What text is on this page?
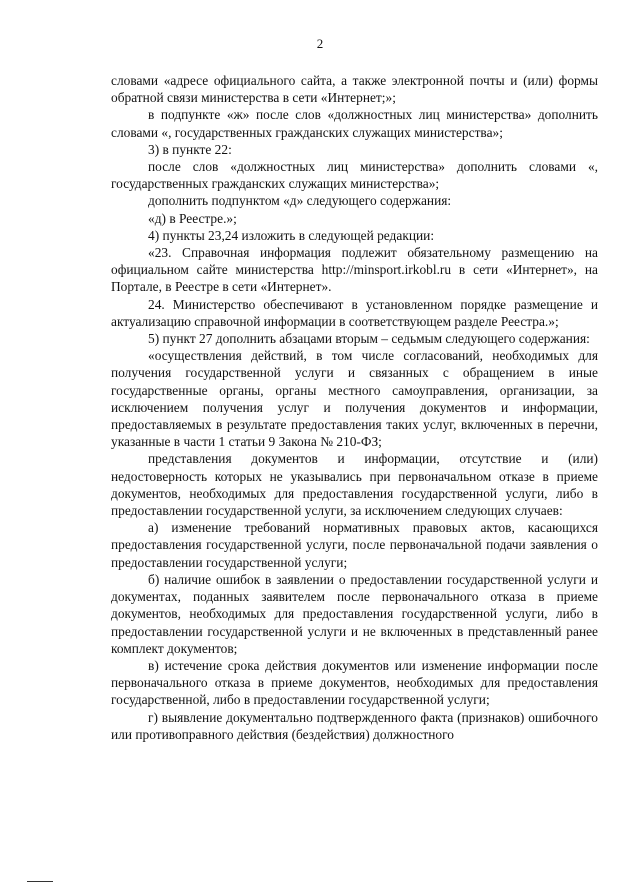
2

словами «адресе официального сайта, а также электронной почты и (или) формы обратной связи министерства в сети «Интернет;»;

в подпункте «ж» после слов «должностных лиц министерства» дополнить словами «, государственных гражданских служащих министерства»;

3) в пункте 22:

после слов «должностных лиц министерства» дополнить словами «, государственных гражданских служащих министерства»;

дополнить подпунктом «д» следующего содержания:

«д) в Реестре.»;

4) пункты 23,24 изложить в следующей редакции:

«23. Справочная информация подлежит обязательному размещению на официальном сайте министерства http://minsport.irkobl.ru в сети «Интернет», на Портале, в Реестре в сети «Интернет».

24. Министерство обеспечивают в установленном порядке размещение и актуализацию справочной информации в соответствующем разделе Реестра.»;

5) пункт 27 дополнить абзацами вторым – седьмым следующего содержания:

«осуществления действий, в том числе согласований, необходимых для получения государственной услуги и связанных с обращением в иные государственные органы, органы местного самоуправления, организации, за исключением получения услуг и получения документов и информации, предоставляемых в результате предоставления таких услуг, включенных в перечни, указанные в части 1 статьи 9 Закона № 210-ФЗ;

представления документов и информации, отсутствие и (или) недостоверность которых не указывались при первоначальном отказе в приеме документов, необходимых для предоставления государственной услуги, либо в предоставлении государственной услуги, за исключением следующих случаев:

а) изменение требований нормативных правовых актов, касающихся предоставления государственной услуги, после первоначальной подачи заявления о предоставлении государственной услуги;

б) наличие ошибок в заявлении о предоставлении государственной услуги и документах, поданных заявителем после первоначального отказа в приеме документов, необходимых для предоставления государственной услуги, либо в предоставлении государственной услуги и не включенных в представленный ранее комплект документов;

в) истечение срока действия документов или изменение информации после первоначального отказа в приеме документов, необходимых для предоставления государственной, либо в предоставлении государственной услуги;

г) выявление документально подтвержденного факта (признаков) ошибочного или противоправного действия (бездействия) должностного
